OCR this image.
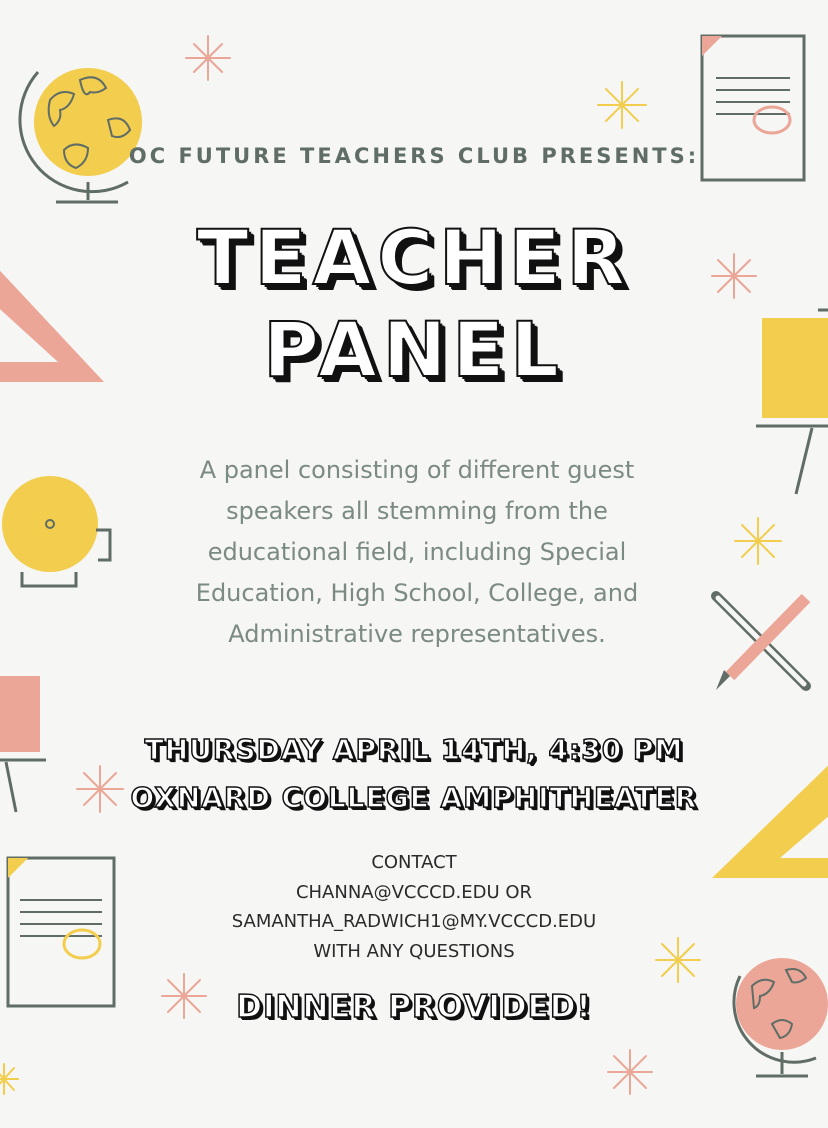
OC FUTURE TEACHERS CLUB PRESENTS:
TEACHER
PANEL
A panel consisting of different guest
speakers all stemming from the
educational field, including Special
Education, High School, College, and
Administrative representatives.
THURSDAY APRIL 14TH, 4:30 PM
OXNARD COLLEGE AMPHITHEATER
CONTACT
CHANNA@VCCCD.EDU OR
SAMANTHA_RADWICH1@MY.VCCCD.EDU
WITH ANY QUESTIONS
DINNER PROVIDED!
